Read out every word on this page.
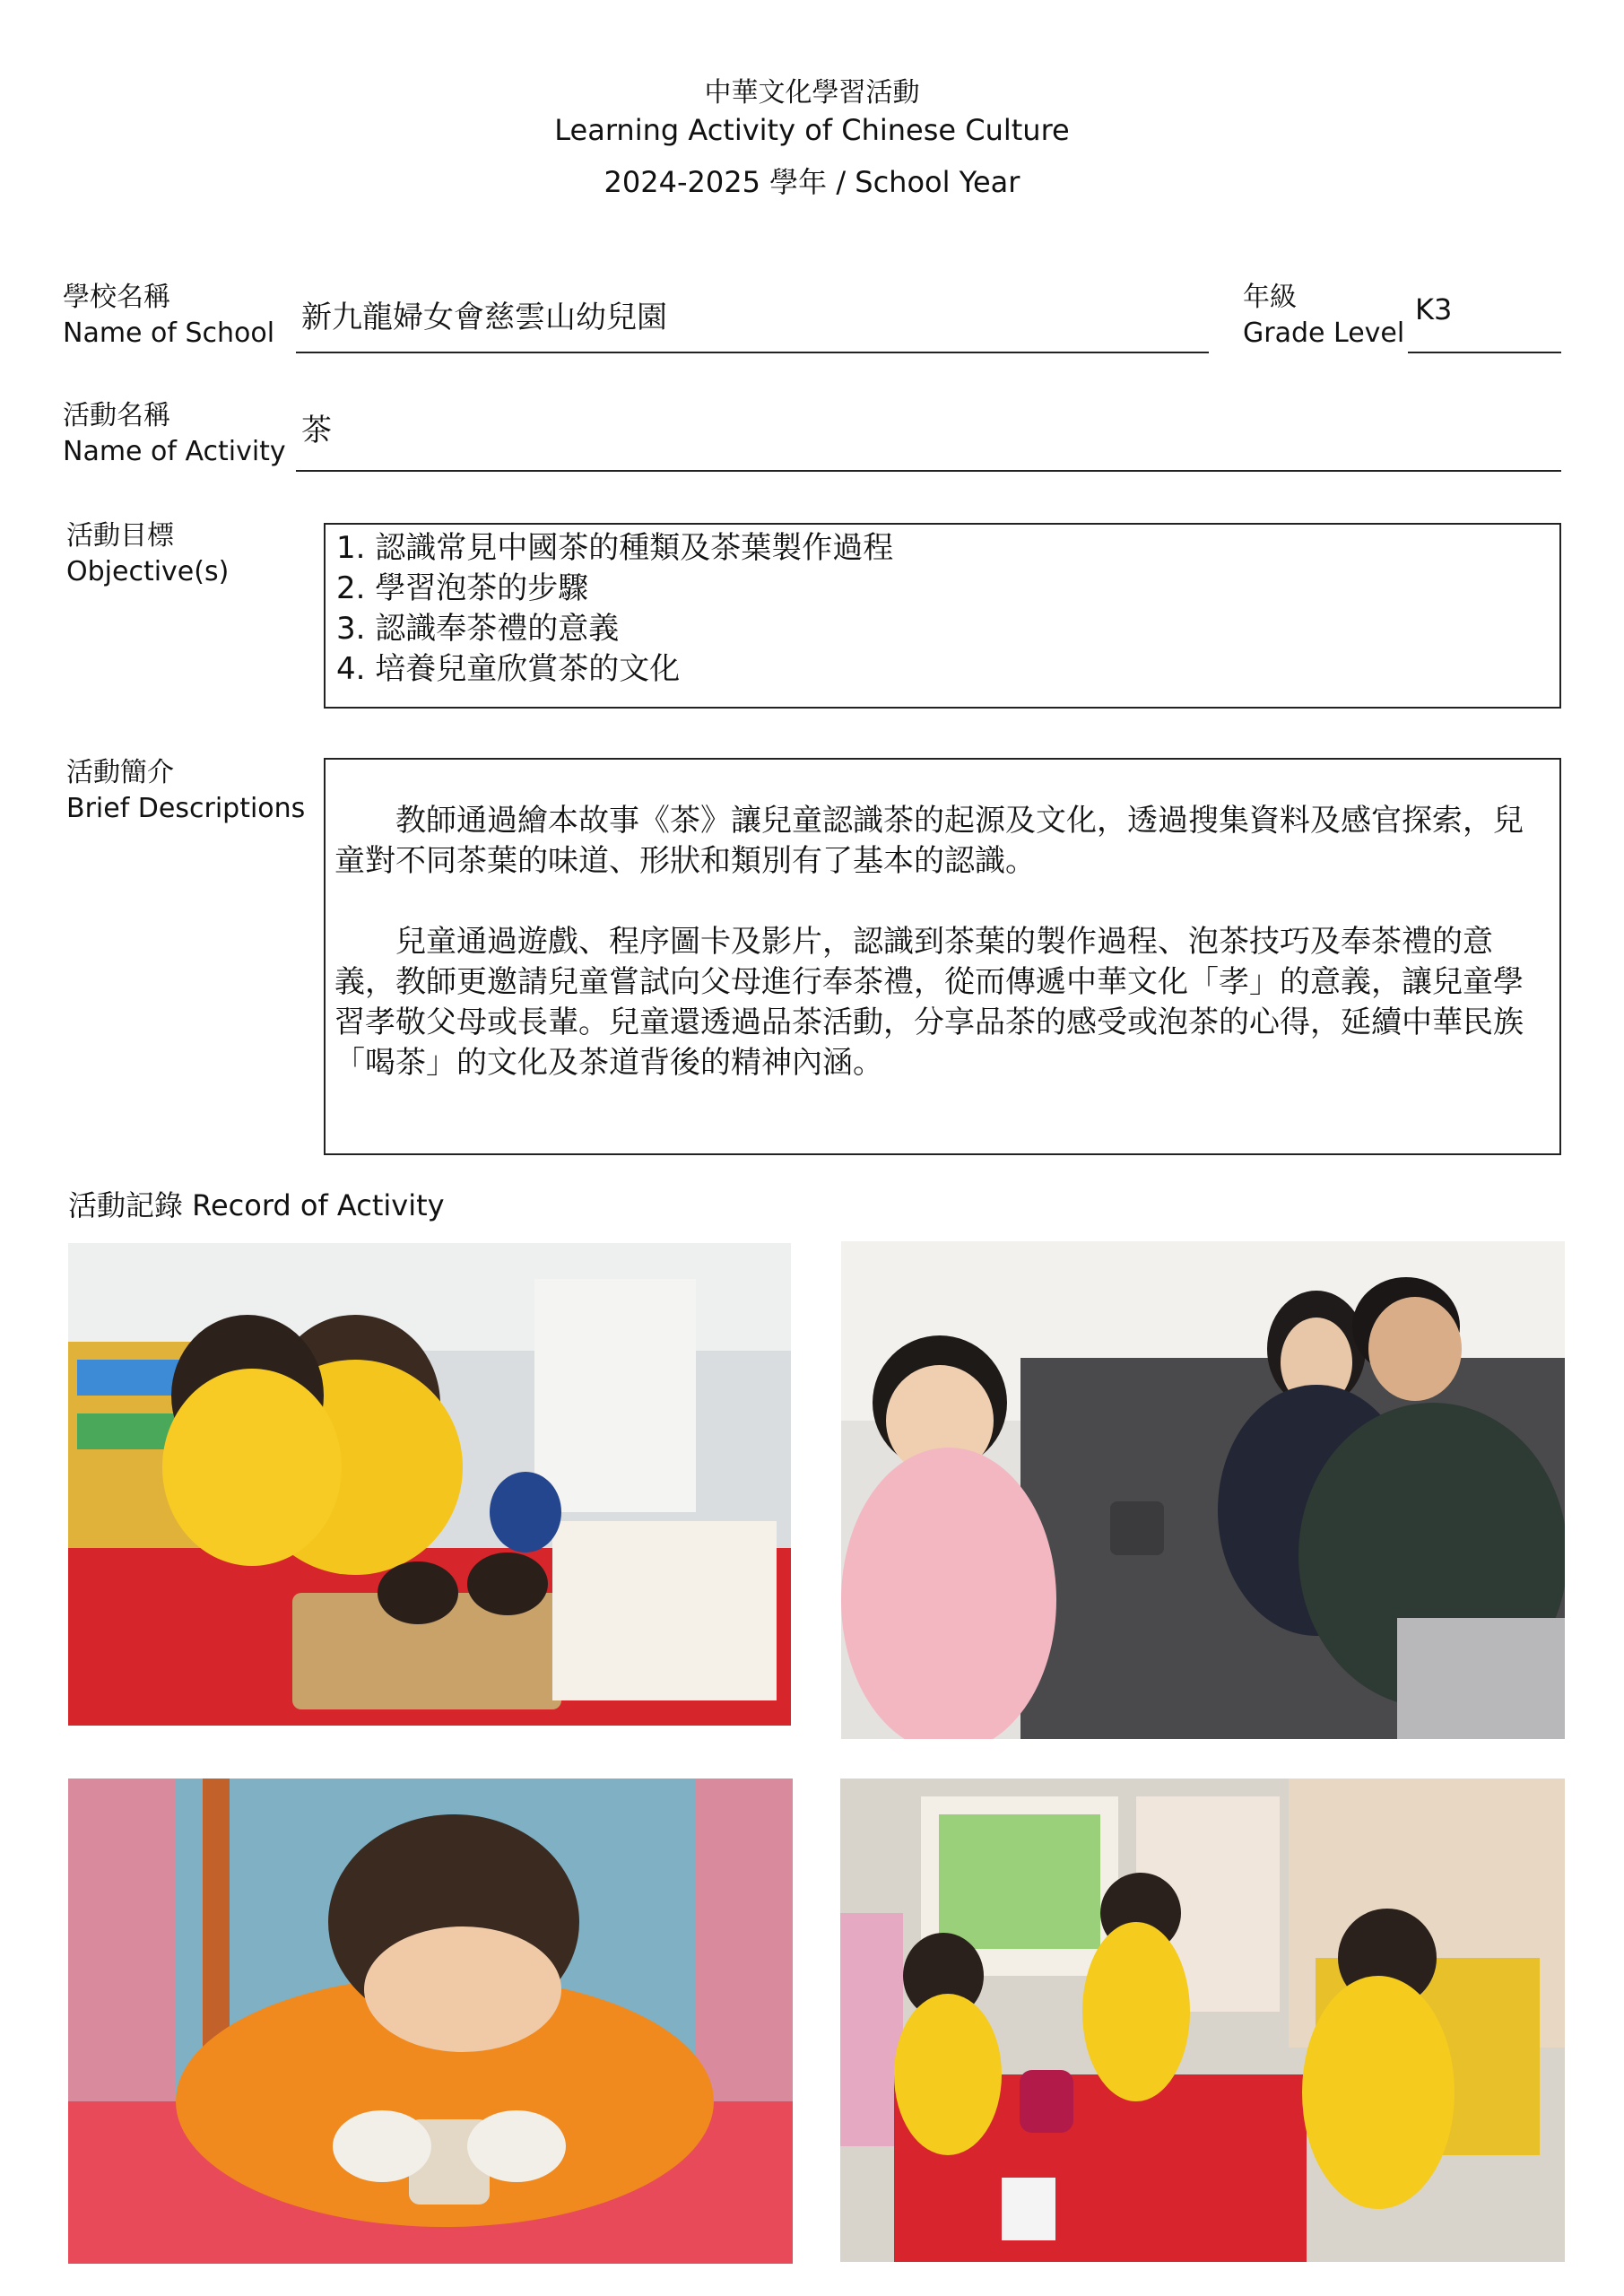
中華文化學習活動
Learning Activity of Chinese Culture
2024-2025 學年 / School Year
學校名稱
Name of School 新九龍婦女會慈雲山幼兒園
年級
Grade Level
K3
活動名稱
Name of Activity
茶
活動目標
Objective(s)
1. 認識常見中國茶的種類及茶葉製作過程
2. 學習泡茶的步驟
3. 認識奉茶禮的意義
4. 培養兒童欣賞茶的文化
活動簡介
Brief Descriptions	教師通過繪本故事《茶》讓兒童認識茶的起源及文化，透過搜集資料及感官探索，兒童對不同茶葉的味道、形狀和類別有了基本的認識。

兒童通過遊戲、程序圖卡及影片，認識到茶葉的製作過程、泡茶技巧及奉茶禮的意義，教師更邀請兒童嘗試向父母進行奉茶禮，從而傳遞中華文化「孝」的意義，讓兒童學習孝敬父母或長輩。兒童還透過品茶活動，分享品茶的感受或泡茶的心得，延續中華民族「喝茶」的文化及茶道背後的精神內涵。

活動記錄 Record of Activity
